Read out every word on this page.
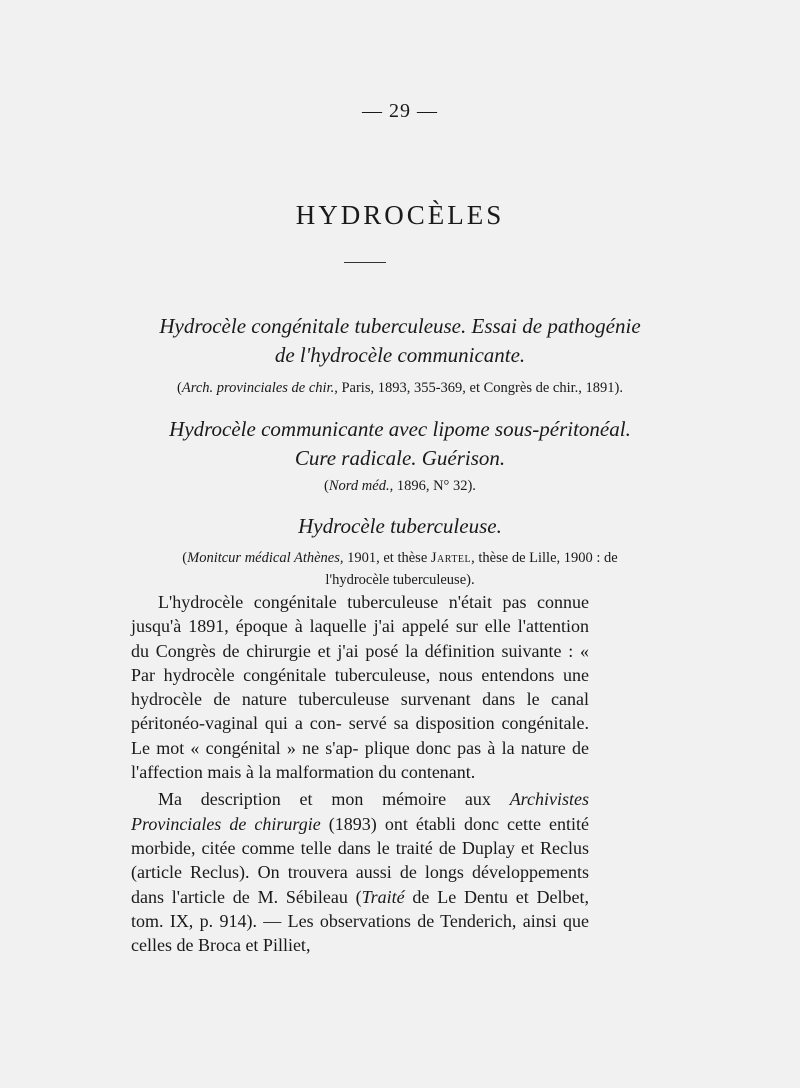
— 29 —
HYDROCÈLES
Hydrocèle congénitale tuberculeuse. Essai de pathogénie
de l'hydrocèle communicante.
(Arch. provinciales de chir., Paris, 1893, 355-369, et Congrès de chir., 1891).
Hydrocèle communicante avec lipome sous-péritonéal.
Cure radicale. Guérison.
(Nord méd., 1896, N° 32).
Hydrocèle tuberculeuse.
(Monitcur médical Athènes, 1901, et thèse Jartel, thèse de Lille, 1900 : de
l'hydrocèle tuberculeuse).

L'hydrocèle congénitale tuberculeuse n'était pas connue jusqu'à 1891, époque à laquelle j'ai appelé sur elle l'attention du Congrès de chirurgie et j'ai posé la définition suivante : « Par hydrocèle congénitale tuberculeuse, nous entendons une hydrocèle de nature tuberculeuse survenant dans le canal péritonéo-vaginal qui a con- servé sa disposition congénitale. Le mot « congénital » ne s'ap- plique donc pas à la nature de l'affection mais à la malformation du contenant.

Ma description et mon mémoire aux Archivistes Provinciales de chirurgie (1893) ont établi donc cette entité morbide, citée comme telle dans le traité de Duplay et Reclus (article Reclus). On trouvera aussi de longs développements dans l'article de M. Sébileau (Traité de Le Dentu et Delbet, tom. IX, p. 914). — Les observations de Tenderich, ainsi que celles de Broca et Pilliet,
